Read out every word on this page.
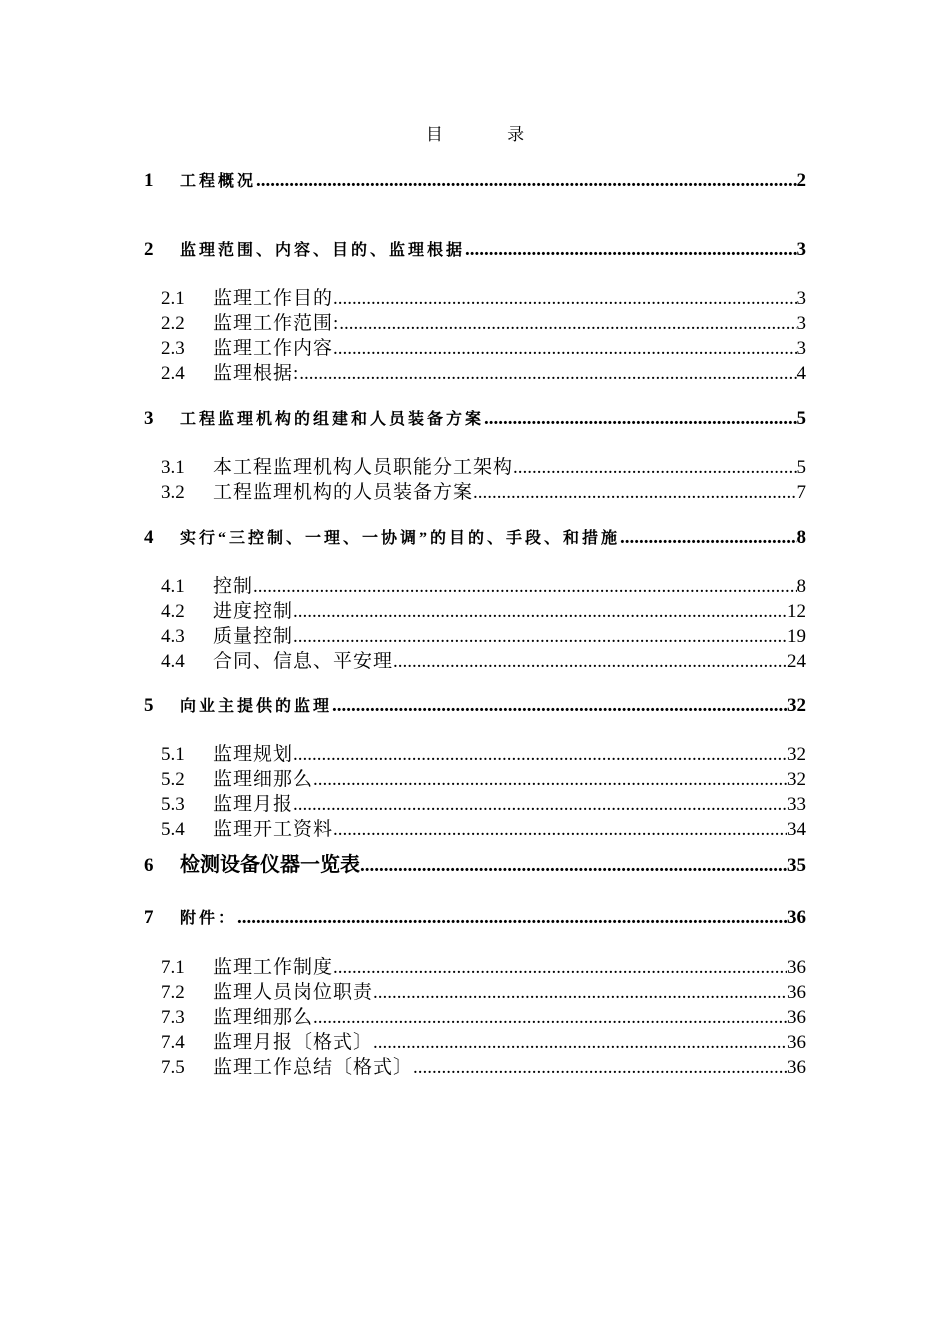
目 录
1	工程概况 .....	2
2	监理范围、内容、目的、监理根据 .....	3
2.1	监理工作目的 .....	3
2.2	监理工作范围: .....	3
2.3	监理工作内容 .....	3
2.4	监理根据: .....	4
3	工程监理机构的组建和人员装备方案 .....	5
3.1	本工程监理机构人员职能分工架构 .....	5
3.2	工程监理机构的人员装备方案 .....	7
4	实行“三控制、一理、一协调”的目的、手段、和措施 .....	8
4.1	控制 .....	8
4.2	进度控制 .....	12
4.3	质量控制 .....	19
4.4	合同、信息、平安理 .....	24
5	向业主提供的监理 .....	32
5.1	监理规划 .....	32
5.2	监理细那么 .....	32
5.3	监理月报 .....	33
5.4	监理开工资料 .....	34
6	检测设备仪器一览表 .....	35
7	附件： .....	36
7.1	监理工作制度 .....	36
7.2	监理人员岗位职责 .....	36
7.3	监理细那么 .....	36
7.4	监理月报〔格式〕 .....	36
7.5	监理工作总结〔格式〕 .....	36
